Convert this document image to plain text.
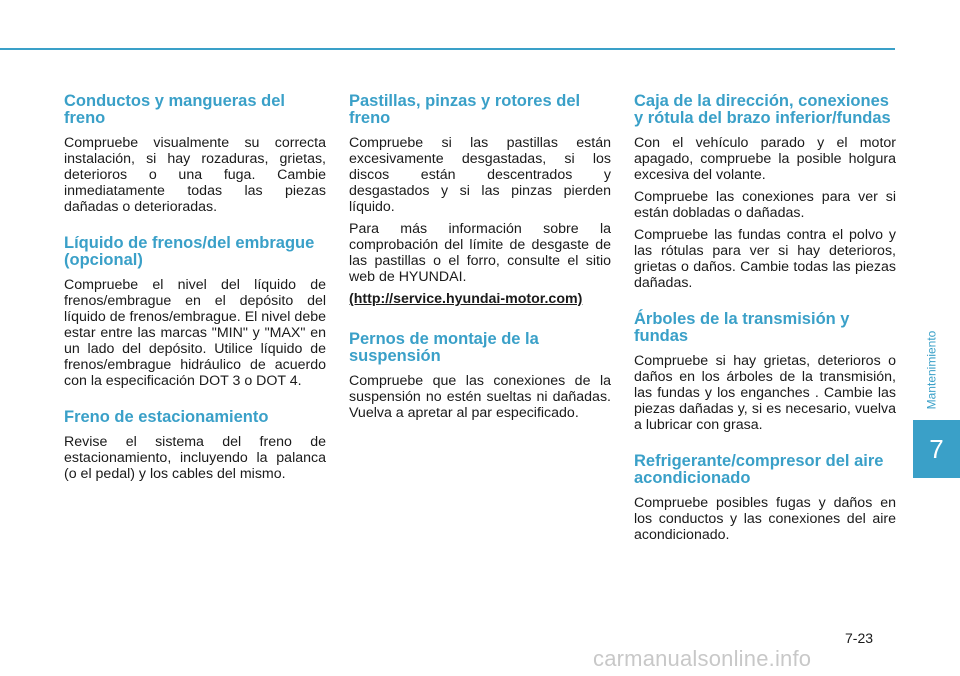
Conductos y mangueras del freno

Compruebe visualmente su correcta instalación, si hay rozaduras, grietas, deterioros o una fuga. Cambie inmediatamente todas las piezas dañadas o deterioradas.

Líquido de frenos/del embrague (opcional)

Compruebe el nivel del líquido de frenos/embrague en el depósito del líquido de frenos/embrague. El nivel debe estar entre las marcas "MIN" y "MAX" en un lado del depósito. Utilice líquido de frenos/embrague hidráulico de acuerdo con la especificación DOT 3 o DOT 4.

Freno de estacionamiento

Revise el sistema del freno de estacionamiento, incluyendo la palanca (o el pedal) y los cables del mismo.

Pastillas, pinzas y rotores del freno

Compruebe si las pastillas están excesivamente desgastadas, si los discos están descentrados y desgastados y si las pinzas pierden líquido.

Para más información sobre la comprobación del límite de desgaste de las pastillas o el forro, consulte el sitio web de HYUNDAI.

(http://service.hyundai-motor.com)
Pernos de montaje de la suspensión

Compruebe que las conexiones de la suspensión no estén sueltas ni dañadas. Vuelva a apretar al par especificado.

Caja de la dirección, conexiones y rótula del brazo inferior/fundas

Con el vehículo parado y el motor apagado, compruebe la posible holgura excesiva del volante.

Compruebe las conexiones para ver si están dobladas o dañadas.

Compruebe las fundas contra el polvo y las rótulas para ver si hay deterioros, grietas o daños. Cambie todas las piezas dañadas.

Árboles de la transmisión y fundas

Compruebe si hay grietas, deterioros o daños en los árboles de la transmisión, las fundas y los enganches . Cambie las piezas dañadas y, si es necesario, vuelva a lubricar con grasa.

Refrigerante/compresor del aire acondicionado

Compruebe posibles fugas y daños en los conductos y las conexiones del aire acondicionado.

Mantenimiento
7
7-23
carmanualsonline.info
